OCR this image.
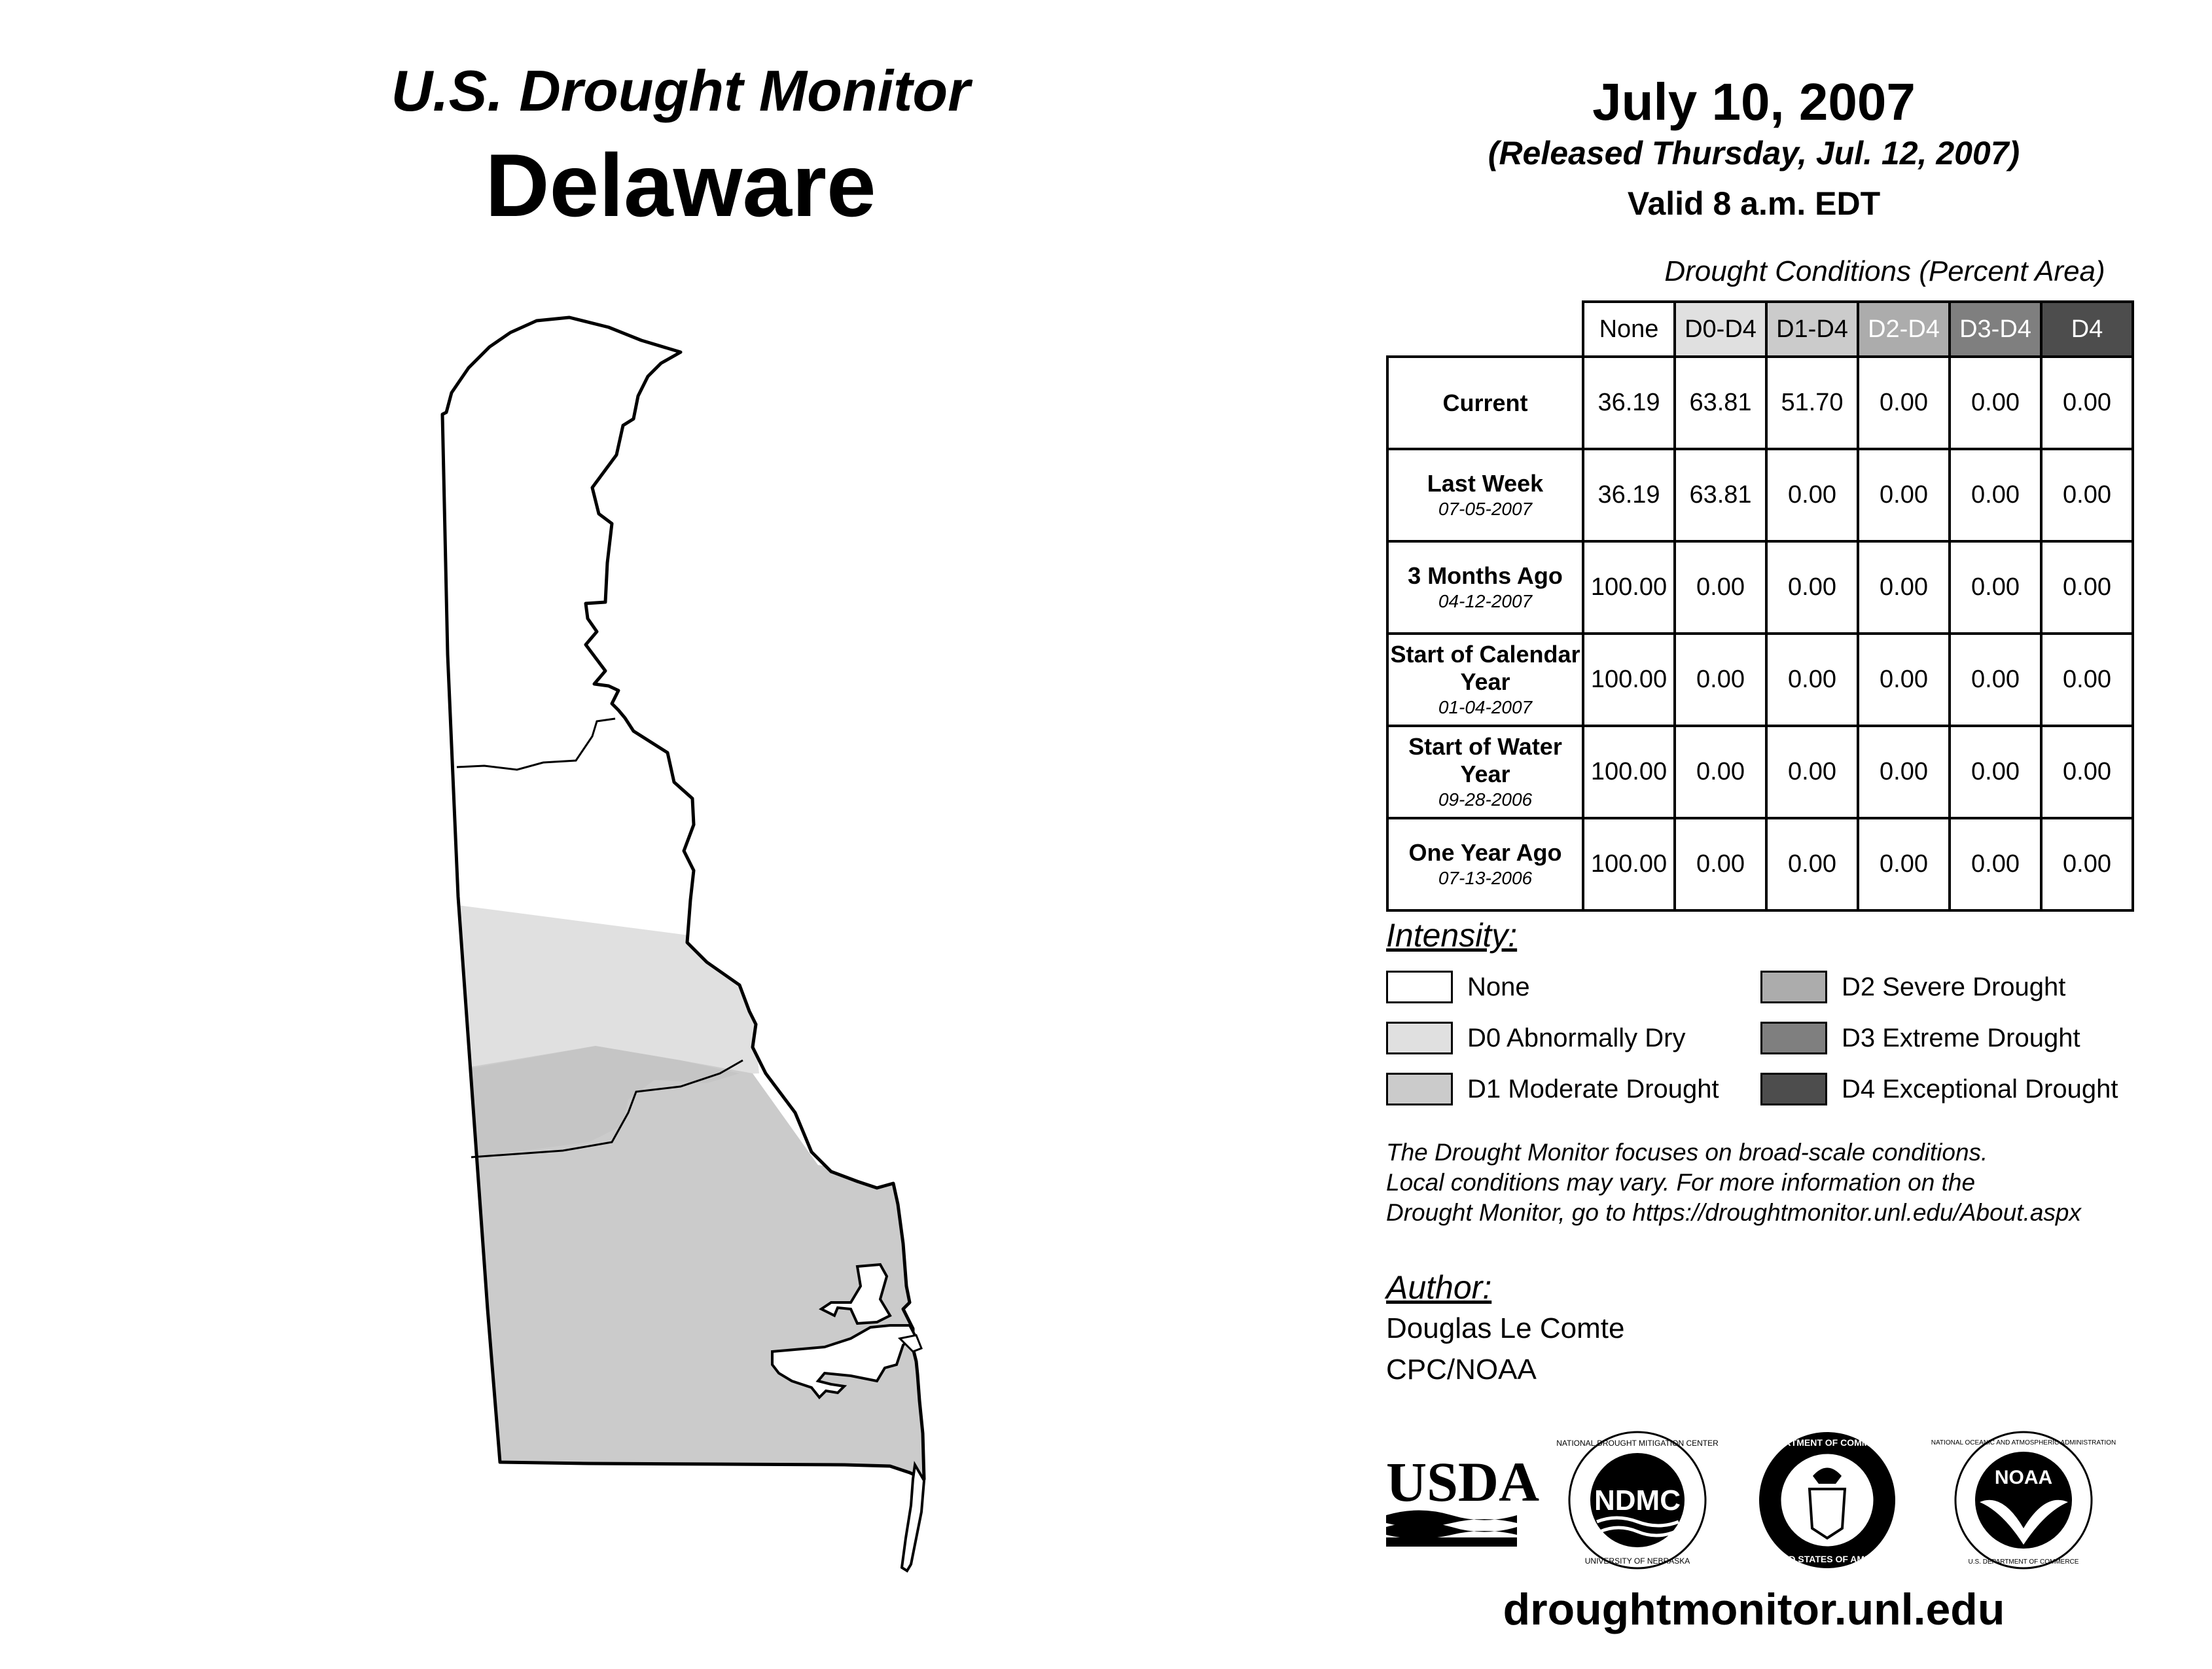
U.S. Drought Monitor
Delaware
July 10, 2007
(Released Thursday, Jul. 12, 2007)
Valid 8 a.m. EDT
Drought Conditions (Percent Area)
	None	D0-D4	D1-D4	D2-D4	D3-D4	D4

Current	36.19	63.81	51.70	0.00	0.00	0.00

Last Week
07-05-2007	36.19	63.81	0.00	0.00	0.00	0.00

3 Months Ago
04-12-2007	100.00	0.00	0.00	0.00	0.00	0.00

Start of Calendar Year
01-04-2007	100.00	0.00	0.00	0.00	0.00	0.00

Start of Water Year
09-28-2006	100.00	0.00	0.00	0.00	0.00	0.00

One Year Ago
07-13-2006	100.00	0.00	0.00	0.00	0.00	0.00
Intensity:
None
D0 Abnormally Dry
D1 Moderate Drought
D2 Severe Drought
D3 Extreme Drought
D4 Exceptional Drought
The Drought Monitor focuses on broad-scale conditions.
Local conditions may vary. For more information on the
Drought Monitor, go to https://droughtmonitor.unl.edu/About.aspx
Author:
Douglas Le Comte
CPC/NOAA
USDA NDMC
NATIONAL DROUGHT MITIGATION CENTER
UNIVERSITY OF NEBRASKA
DEPARTMENT OF COMMERCE
UNITED STATES OF AMERICA
NOAA
NATIONAL OCEANIC AND ATMOSPHERIC ADMINISTRATION
U.S. DEPARTMENT OF COMMERCE
droughtmonitor.unl.edu
